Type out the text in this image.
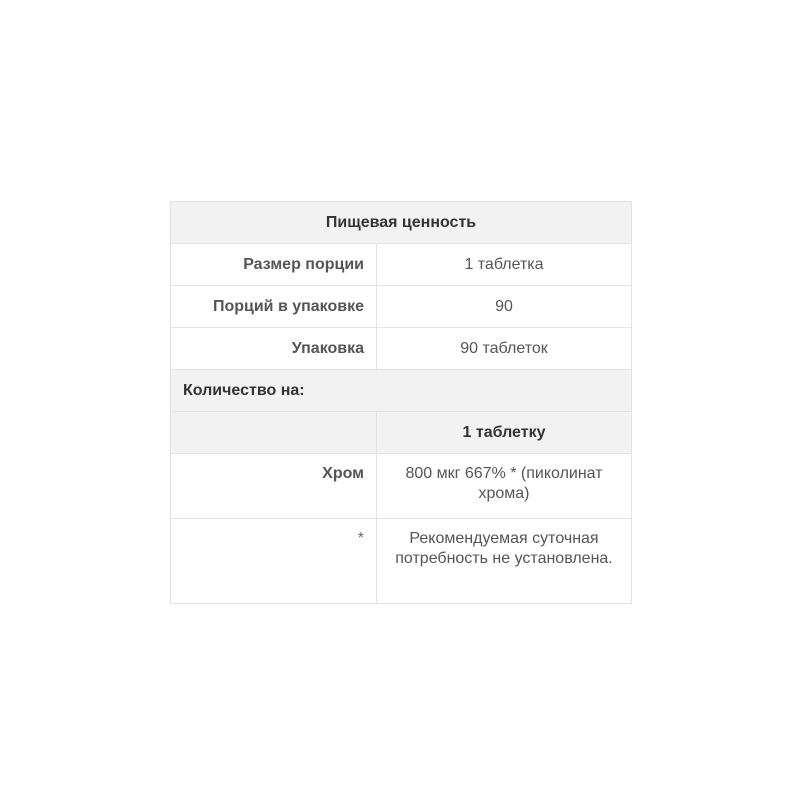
Пищевая ценность	
Размер порции	1 таблетка
Порций в упаковке	90
Упаковка	90 таблеток
Количество на:	
	1 таблетку
Хром	800 мкг 667% * (пиколинат хрома)
*	Рекомендуемая суточная потребность не установлена.
